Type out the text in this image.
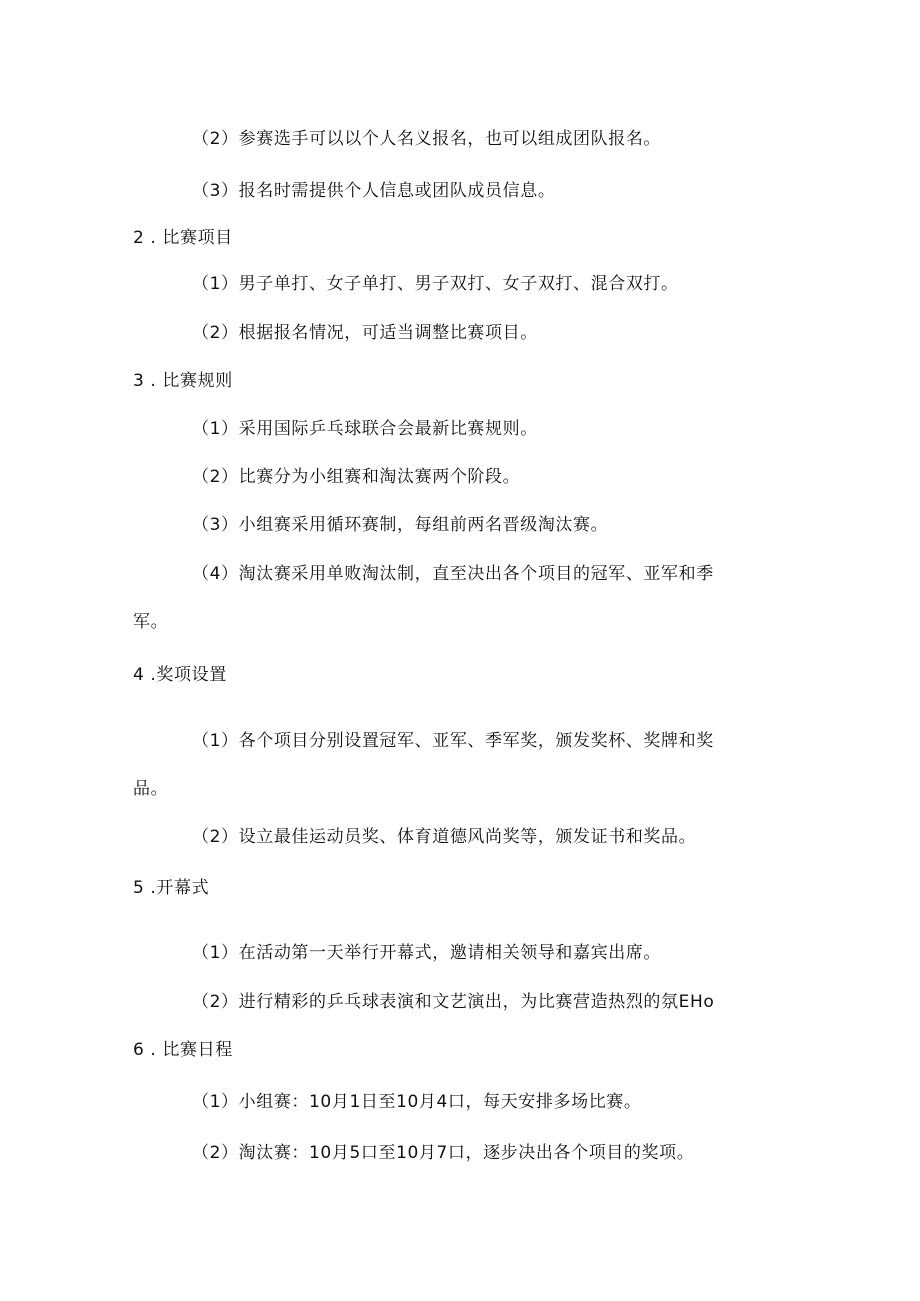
（2）参赛选手可以以个人名义报名，也可以组成团队报名。
（3）报名时需提供个人信息或团队成员信息。
2 . 比赛项目
（1）男子单打、女子单打、男子双打、女子双打、混合双打。
（2）根据报名情况，可适当调整比赛项目。
3 . 比赛规则
（1）采用国际乒乓球联合会最新比赛规则。
（2）比赛分为小组赛和淘汰赛两个阶段。
（3）小组赛采用循环赛制，每组前两名晋级淘汰赛。
（4）淘汰赛采用单败淘汰制，直至决出各个项目的冠军、亚军和季
军。
4 .奖项设置
（1）各个项目分别设置冠军、亚军、季军奖，颁发奖杯、奖牌和奖
品。
（2）设立最佳运动员奖、体育道德风尚奖等，颁发证书和奖品。
5 .开幕式
（1）在活动第一天举行开幕式，邀请相关领导和嘉宾出席。
（2）进行精彩的乒乓球表演和文艺演出，为比赛营造热烈的氛EHo
6 . 比赛日程
（1）小组赛：10月1日至10月4口，每天安排多场比赛。
（2）淘汰赛：10月5口至10月7口，逐步决出各个项目的奖项。
